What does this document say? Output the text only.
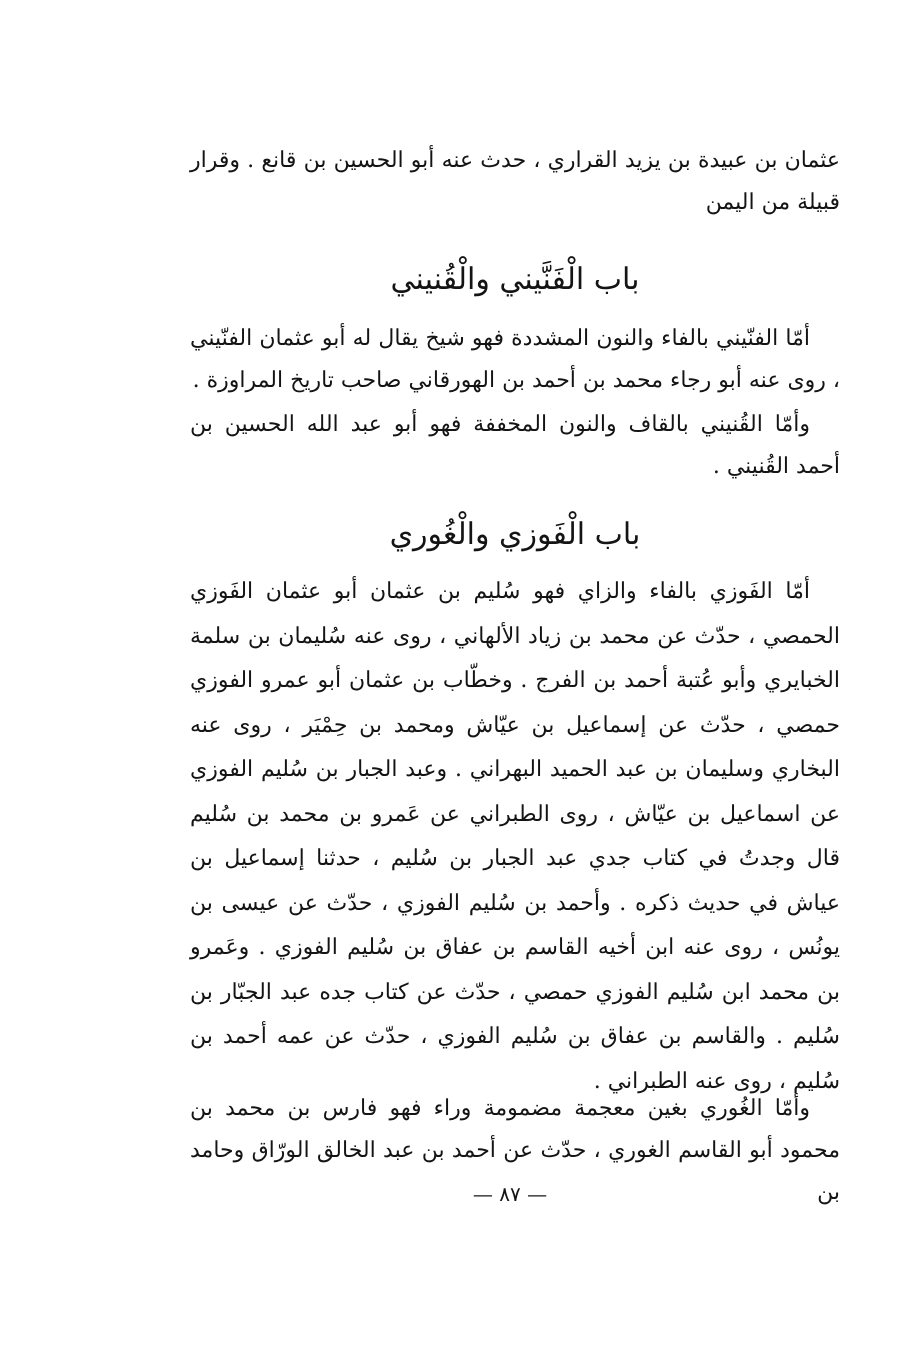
عثمان بن عبيدة بن يزيد القراري ، حدث عنه أبو الحسين بن قانع . وقرار قبيلة من اليمن

باب الْفَنَّيني والْقُنيني

أمّا الفنّيني بالفاء والنون المشددة فهو شيخ يقال له أبو عثمان الفنّيني ، روى عنه أبو رجاء محمد بن أحمد بن الهورقاني صاحب تاريخ المراوزة .

وأمّا القُنيني بالقاف والنون المخففة فهو أبو عبد الله الحسين بن أحمد القُنيني .

باب الْفَوزي والْغُوري

أمّا الفَوزي بالفاء والزاي فهو سُليم بن عثمان أبو عثمان الفَوزي الحمصي ، حدّث عن محمد بن زياد الألهاني ، روى عنه سُليمان بن سلمة الخبايري وأبو عُتبة أحمد بن الفرج . وخطّاب بن عثمان أبو عمرو الفوزي حمصي ، حدّث عن إسماعيل بن عيّاش ومحمد بن حِمْيَر ، روى عنه البخاري وسليمان بن عبد الحميد البهراني . وعبد الجبار بن سُليم الفوزي عن اسماعيل بن عيّاش ، روى الطبراني عن عَمرو بن محمد بن سُليم قال وجدتُ في كتاب جدي عبد الجبار بن سُليم ، حدثنا إسماعيل بن عياش في حديث ذكره . وأحمد بن سُليم الفوزي ، حدّث عن عيسى بن يونُس ، روى عنه ابن أخيه القاسم بن عفاق بن سُليم الفوزي . وعَمرو بن محمد ابن سُليم الفوزي حمصي ، حدّث عن كتاب جده عبد الجبّار بن سُليم . والقاسم بن عفاق بن سُليم الفوزي ، حدّث عن عمه أحمد بن سُليم ، روى عنه الطبراني .

وأمّا الغُوري بغين معجمة مضمومة وراء فهو فارس بن محمد بن محمود أبو القاسم الغوري ، حدّث عن أحمد بن عبد الخالق الورّاق وحامد بن

— ٨٧ —
